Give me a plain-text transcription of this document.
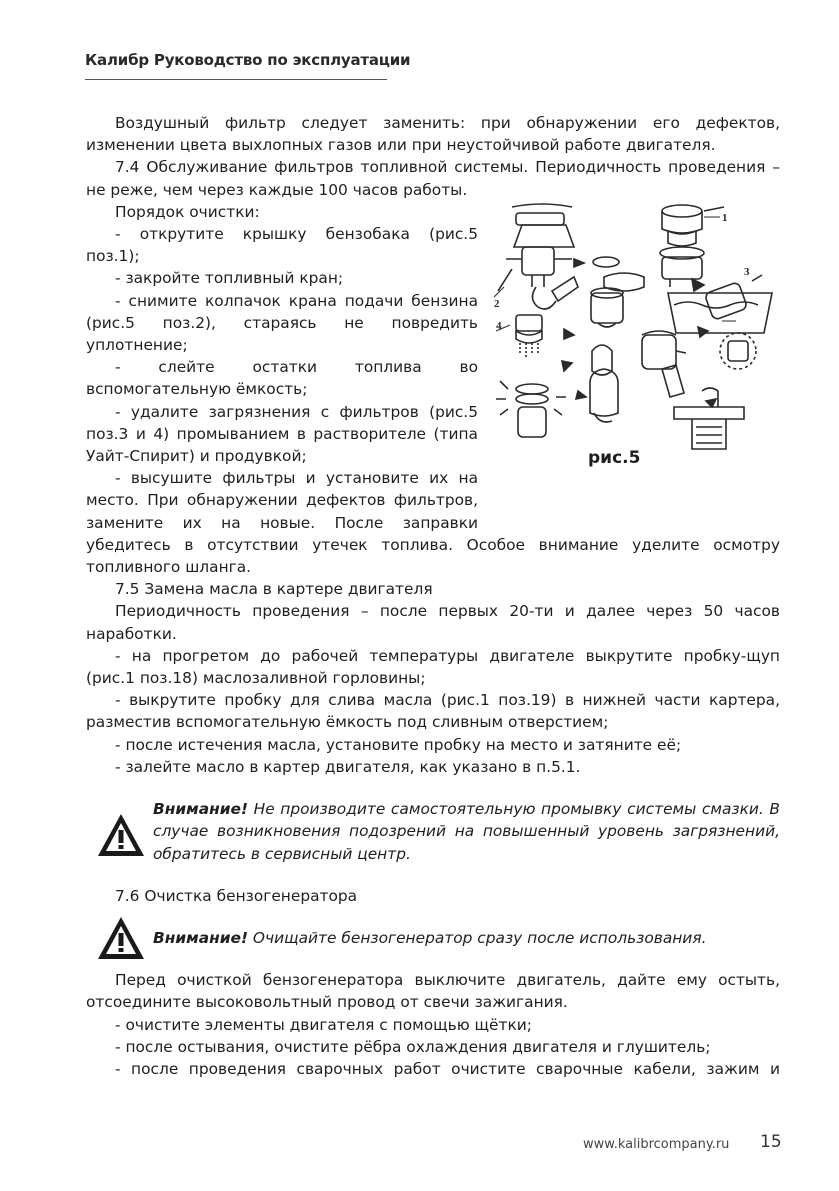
Калибр Руководство по эксплуатации

Воздушный фильтр следует заменить: при обнаружении его дефектов, изменении цвета выхлопных газов или при неустойчивой работе двигателя.

7.4 Обслуживание фильтров топливной системы. Периодичность проведения – не реже, чем через каждые 100 часов работы.

1
2
3
4
рис.5

Порядок очистки:

- открутите крышку бензобака (рис.5 поз.1);

- закройте топливный кран;

- снимите колпачок крана подачи бензина (рис.5 поз.2), стараясь не повредить уплотнение;

- слейте остатки топлива во вспомогательную ёмкость;

- удалите загрязнения с фильтров (рис.5 поз.3 и 4) промыванием в растворителе (типа Уайт-Спирит) и продувкой;

- высушите фильтры и установите их на место. При обнаружении дефектов фильтров, замените их на новые. После заправки убедитесь в отсутствии утечек топлива. Особое внимание уделите осмотру топливного шланга.

7.5 Замена масла в картере двигателя

Периодичность проведения – после первых 20-ти и далее через 50 часов наработки.

- на прогретом до рабочей температуры двигателе выкрутите пробку-щуп (рис.1 поз.18) маслозаливной горловины;

- выкрутите пробку для слива масла (рис.1 поз.19) в нижней части картера, разместив вспомогательную ёмкость под сливным отверстием;

- после истечения масла, установите пробку на место и затяните её;

- залейте масло в картер двигателя, как указано в п.5.1.

Внимание! Не производите самостоятельную промывку системы смазки. В случае возникновения подозрений на повышенный уровень загрязнений, обратитесь в сервисный центр.

7.6 Очистка бензогенератора

Внимание! Очищайте бензогенератор сразу после использования.

Перед очисткой бензогенератора выключите двигатель, дайте ему остыть, отсоедините высоковольтный провод от свечи зажигания.

- очистите элементы двигателя с помощью щётки;

- после остывания, очистите рёбра охлаждения двигателя и глушитель;

- после проведения сварочных работ очистите сварочные кабели, зажим и

www.kalibrcompany.ru 15
